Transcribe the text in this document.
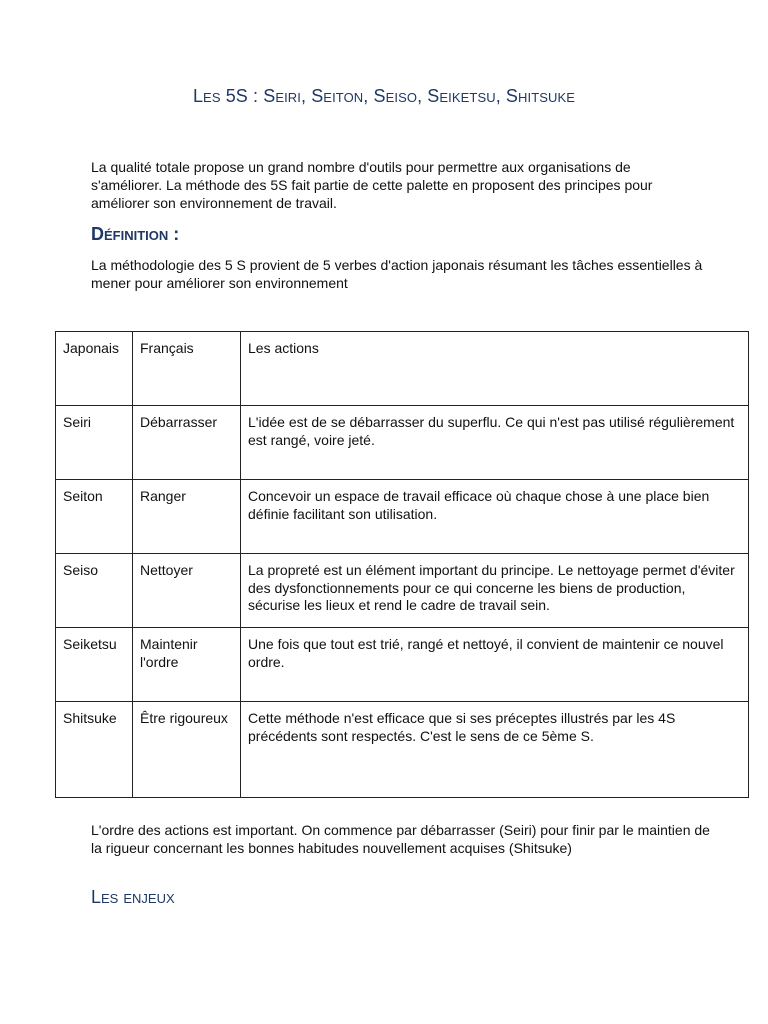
Les 5S : Seiri, Seiton, Seiso, Seiketsu, Shitsuke

La qualité totale propose un grand nombre d'outils pour permettre aux organisations de s'améliorer. La méthode des 5S fait partie de cette palette en proposent des principes pour améliorer son environnement de travail.

Définition :

La méthodologie des 5 S provient de 5 verbes d'action japonais résumant les tâches essentielles à mener pour améliorer son environnement

Japonais	Français	Les actions
Seiri	Débarrasser	L'idée est de se débarrasser du superflu. Ce qui n'est pas utilisé régulièrement est rangé, voire jeté.
Seiton	Ranger	Concevoir un espace de travail efficace où chaque chose à une place bien définie facilitant son utilisation.
Seiso	Nettoyer	La propreté est un élément important du principe. Le nettoyage permet d'éviter des dysfonctionnements pour ce qui concerne les biens de production, sécurise les lieux et rend le cadre de travail sein.
Seiketsu	Maintenir l'ordre	Une fois que tout est trié, rangé et nettoyé, il convient de maintenir ce nouvel ordre.
Shitsuke	Être rigoureux	Cette méthode n'est efficace que si ses préceptes illustrés par les 4S précédents sont respectés. C'est le sens de ce 5ème S.

L'ordre des actions est important. On commence par débarrasser (Seiri) pour finir par le maintien de la rigueur concernant les bonnes habitudes nouvellement acquises (Shitsuke)

Les enjeux
